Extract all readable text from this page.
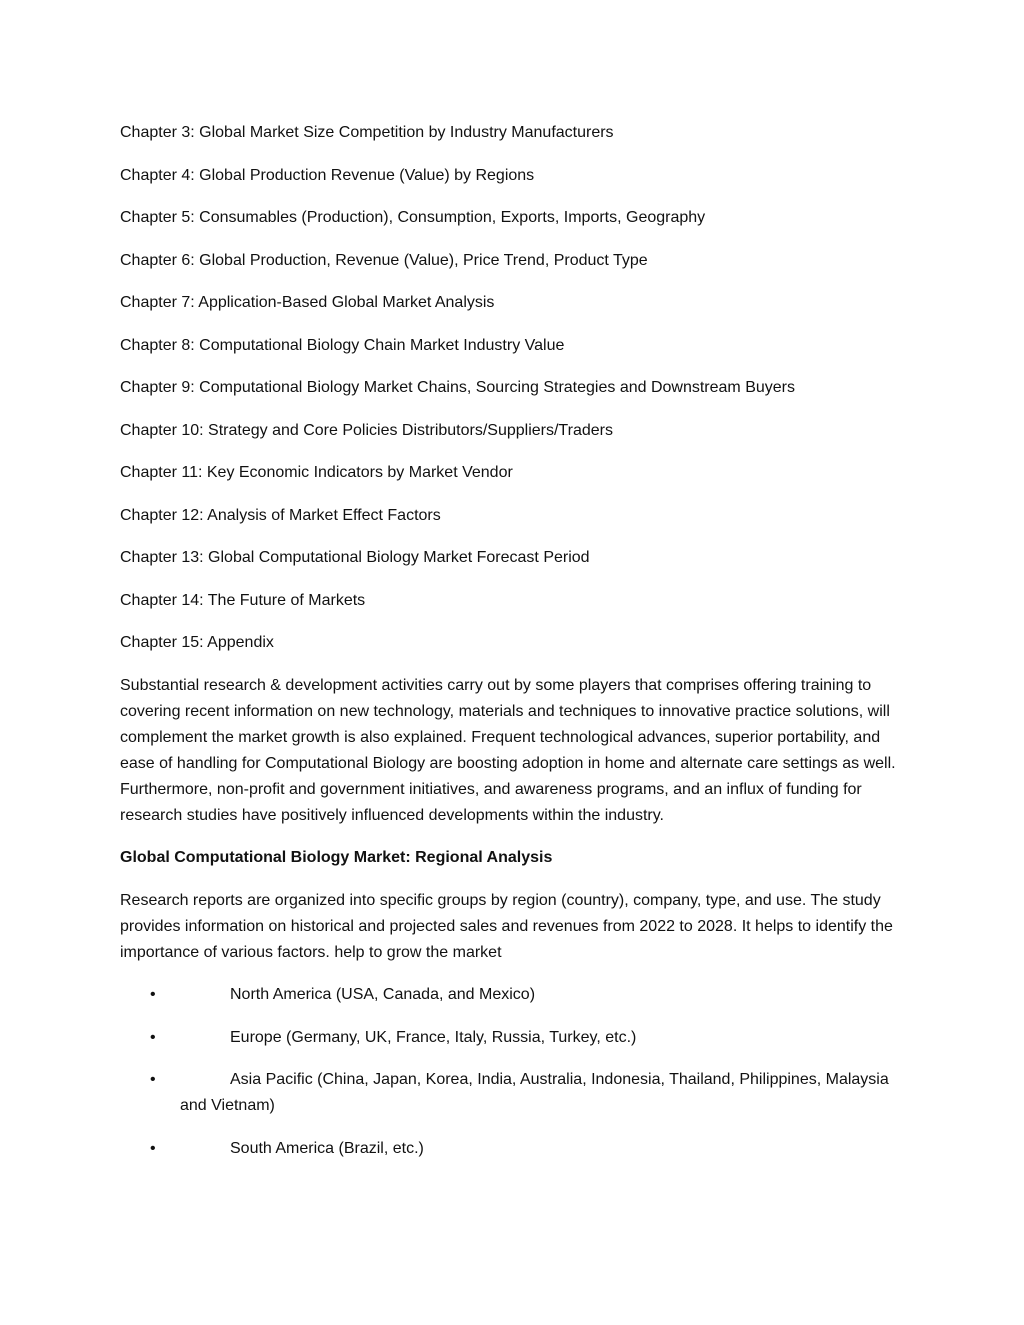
Chapter 3: Global Market Size Competition by Industry Manufacturers

Chapter 4: Global Production Revenue (Value) by Regions

Chapter 5: Consumables (Production), Consumption, Exports, Imports, Geography

Chapter 6: Global Production, Revenue (Value), Price Trend, Product Type

Chapter 7: Application-Based Global Market Analysis

Chapter 8: Computational Biology Chain Market Industry Value

Chapter 9: Computational Biology Market Chains, Sourcing Strategies and Downstream Buyers

Chapter 10: Strategy and Core Policies Distributors/Suppliers/Traders

Chapter 11: Key Economic Indicators by Market Vendor

Chapter 12: Analysis of Market Effect Factors

Chapter 13: Global Computational Biology Market Forecast Period

Chapter 14: The Future of Markets

Chapter 15: Appendix

Substantial research & development activities carry out by some players that comprises offering training to covering recent information on new technology, materials and techniques to innovative practice solutions, will complement the market growth is also explained. Frequent technological advances, superior portability, and ease of handling for Computational Biology are boosting adoption in home and alternate care settings as well. Furthermore, non-profit and government initiatives, and awareness programs, and an influx of funding for research studies have positively influenced developments within the industry.

Global Computational Biology Market: Regional Analysis

Research reports are organized into specific groups by region (country), company, type, and use. The study provides information on historical and projected sales and revenues from 2022 to 2028. It helps to identify the importance of various factors. help to grow the market

•	North America (USA, Canada, and Mexico)
•	Europe (Germany, UK, France, Italy, Russia, Turkey, etc.)
•	Asia Pacific (China, Japan, Korea, India, Australia, Indonesia, Thailand, Philippines, Malaysia and Vietnam)
•	South America (Brazil, etc.)
